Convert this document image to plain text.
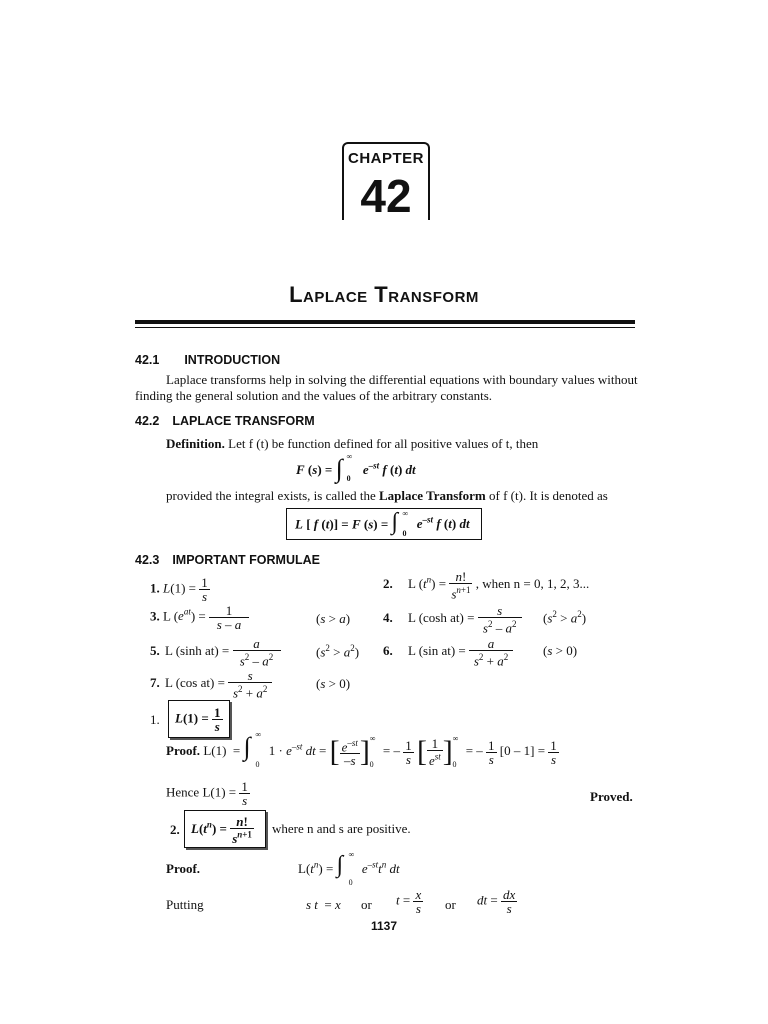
CHAPTER
42
Laplace Transform
42.1 INTRODUCTION
Laplace transforms help in solving the differential equations with boundary values without
finding the general solution and the values of the arbitrary constants.
42.2 LAPLACE TRANSFORM
Definition. Let f (t) be function defined for all positive values of t, then
F (s) = ∫ ∞
0
$e^{-st}$ f (t) dt
provided the integral exists, is called the Laplace Transform of f (t). It is denoted as
L [ f (t)] = F (s) = ∫ ∞
0
$e^{-st}$ f (t) dt
42.3 IMPORTANT FORMULAE
1. $L(1) = \frac{1}{s}$	2. L $(t^n) = \frac{n!}{s^{n+1}}$ , when n = 0, 1, 2, 3...
3. L $(e^{at}) = \frac{1}{s - a}$	(s > a)	4. L (cosh $at) = \frac{s}{s^2 - a^2} (s^2 > a^2)$
5. L (sinh $at) = \frac{a}{s^2 - a^2}$	$(s^2 > a^2)$ 6. L (sin $at) = \frac{a}{s^2 + a^2} (s > 0)$
7. L (cos $at) = \frac{s}{s^2 + a^2}$	(s > 0)
1. $L(1) = \frac{1}{s}$
Proof. L(1)  = ∫ ∞
0
$1 \cdot e^{-st}$ dt = [ $\frac{e^{-st}}{-s} ]^\infty_0$ = – $\frac{1}{s}$ [ $\frac{1}{e^{st}} ]^\infty_0$ = – $\frac{1}{s} [0 - 1] = \frac{1}{s}$
Hence $L(1) = \frac{1}{s}$	Proved.
2. $L(t^n) = \frac{n!}{s^{n+1}}$ where n and s are positive.
Proof.	$L(t^n)$ = ∫ ∞
0
$e^{-st}t^n$ dt
Putting	s t  = x or $t = \frac{x}{s}$ or dt = $\frac{dx}{s}$
1137
